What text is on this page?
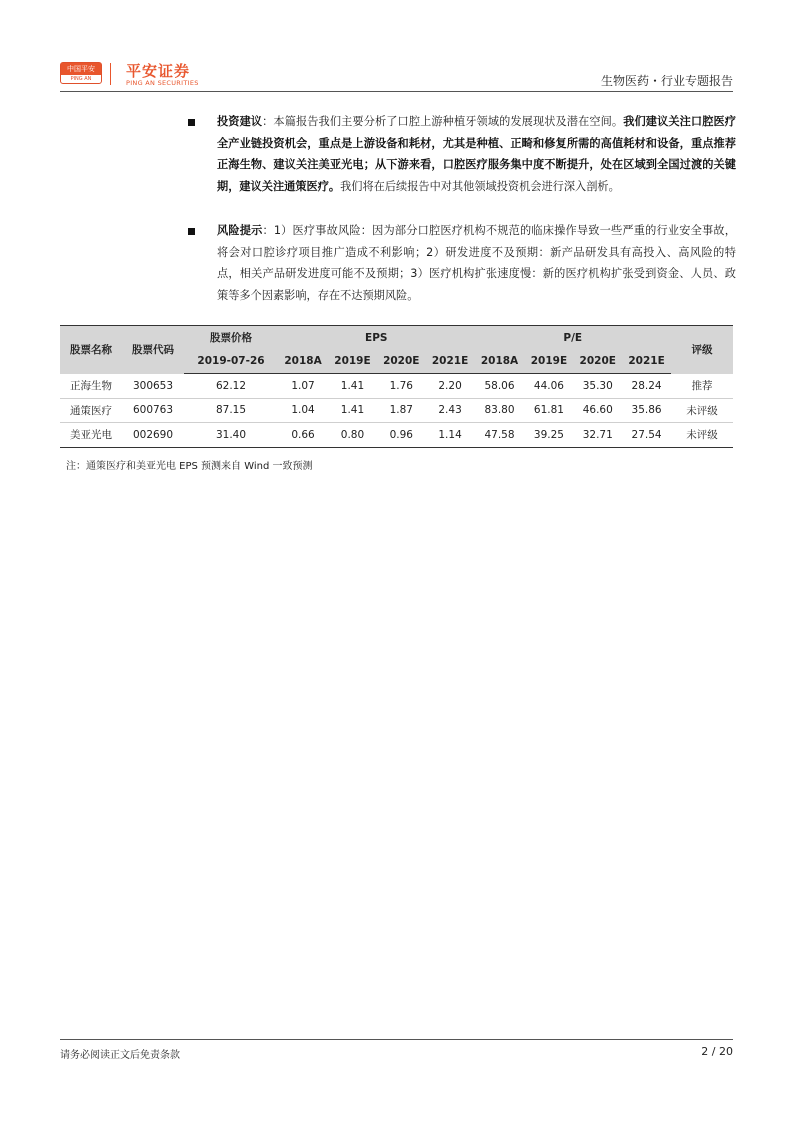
中国平安
PING AN	平安证券
PING AN SECURITIES	生物医药・行业专题报告

投资建议：本篇报告我们主要分析了口腔上游种植牙领域的发展现状及潜在空间。我们建议关注口腔医疗全产业链投资机会，重点是上游设备和耗材，尤其是种植、正畸和修复所需的高值耗材和设备，重点推荐正海生物、建议关注美亚光电；从下游来看，口腔医疗服务集中度不断提升，处在区域到全国过渡的关键期，建议关注通策医疗。我们将在后续报告中对其他领域投资机会进行深入剖析。

风险提示：1）医疗事故风险：因为部分口腔医疗机构不规范的临床操作导致一些严重的行业安全事故，将会对口腔诊疗项目推广造成不利影响；2）研发进度不及预期：新产品研发具有高投入、高风险的特点，相关产品研发进度可能不及预期；3）医疗机构扩张速度慢：新的医疗机构扩张受到资金、人员、政策等多个因素影响，存在不达预期风险。

股票名称	股票代码	股票价格	EPS				P/E				评级
		2019-07-26	2018A	2019E	2020E	2021E	2018A	2019E	2020E	2021E	
正海生物	300653	62.12	1.07	1.41	1.76	2.20	58.06	44.06	35.30	28.24	推荐
通策医疗	600763	87.15	1.04	1.41	1.87	2.43	83.80	61.81	46.60	35.86	未评级
美亚光电	002690	31.40	0.66	0.80	0.96	1.14	47.58	39.25	32.71	27.54	未评级
注：通策医疗和美亚光电 EPS 预测来自 Wind 一致预测
请务必阅读正文后免责条款	2 / 20
